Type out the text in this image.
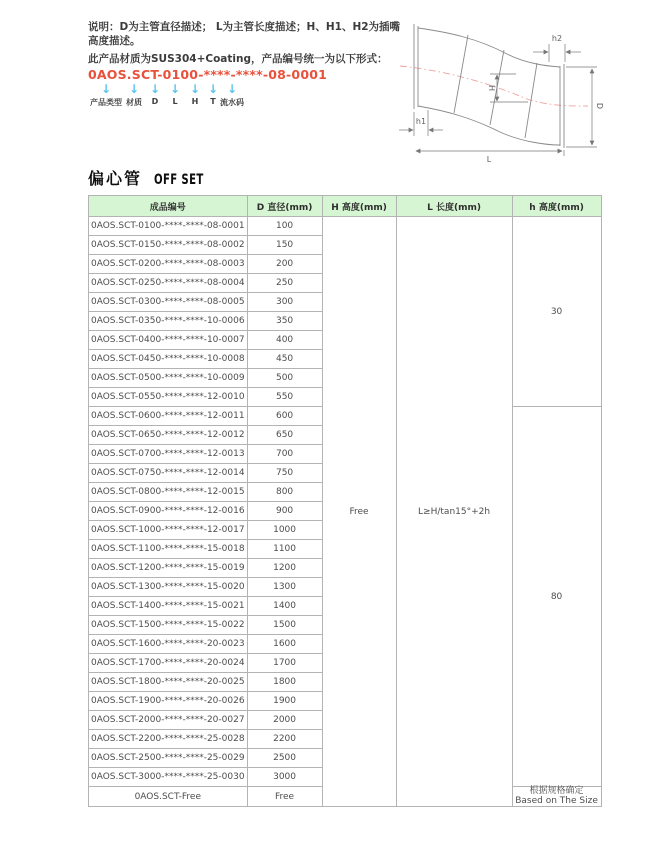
说明：D为主管直径描述； L为主管长度描述；H、H1、H2为插嘴高度描述。

此产品材质为SUS304+Coating，产品编号统一为以下形式：

0AOS.SCT-0100-****-****-08-0001
↓
产品类型
↓
材质
↓
D
↓
L
↓
H
↓
T
↓
流水码
h2
H
D
h1
L
偏心管 OFF SET
成品编号	D 直径(mm)	H 高度(mm)	L 长度(mm)	h 高度(mm)
0AOS.SCT-0100-****-****-08-0001	100	Free	L≥H/tan15°+2h	30
0AOS.SCT-0150-****-****-08-0002	150			
0AOS.SCT-0200-****-****-08-0003	200			
0AOS.SCT-0250-****-****-08-0004	250			
0AOS.SCT-0300-****-****-08-0005	300			
0AOS.SCT-0350-****-****-10-0006	350			
0AOS.SCT-0400-****-****-10-0007	400			
0AOS.SCT-0450-****-****-10-0008	450			
0AOS.SCT-0500-****-****-10-0009	500			
0AOS.SCT-0550-****-****-12-0010	550			
0AOS.SCT-0600-****-****-12-0011	600			80
0AOS.SCT-0650-****-****-12-0012	650			
0AOS.SCT-0700-****-****-12-0013	700			
0AOS.SCT-0750-****-****-12-0014	750			
0AOS.SCT-0800-****-****-12-0015	800			
0AOS.SCT-0900-****-****-12-0016	900			
0AOS.SCT-1000-****-****-12-0017	1000			
0AOS.SCT-1100-****-****-15-0018	1100			
0AOS.SCT-1200-****-****-15-0019	1200			
0AOS.SCT-1300-****-****-15-0020	1300			
0AOS.SCT-1400-****-****-15-0021	1400			
0AOS.SCT-1500-****-****-15-0022	1500			
0AOS.SCT-1600-****-****-20-0023	1600			
0AOS.SCT-1700-****-****-20-0024	1700			
0AOS.SCT-1800-****-****-20-0025	1800			
0AOS.SCT-1900-****-****-20-0026	1900			
0AOS.SCT-2000-****-****-20-0027	2000			
0AOS.SCT-2200-****-****-25-0028	2200			
0AOS.SCT-2500-****-****-25-0029	2500			
0AOS.SCT-3000-****-****-25-0030	3000			
0AOS.SCT-Free	Free			根据规格确定
Based on The Size
